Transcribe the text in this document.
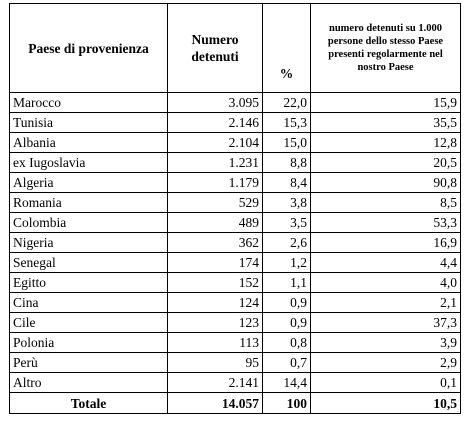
Paese di provenienza	Numero detenuti	%	numero detenuti su 1.000 persone dello stesso Paese presenti regolarmente nel nostro Paese
Marocco	3.095	22,0	15,9
Tunisia	2.146	15,3	35,5
Albania	2.104	15,0	12,8
ex Iugoslavia	1.231	8,8	20,5
Algeria	1.179	8,4	90,8
Romania	529	3,8	8,5
Colombia	489	3,5	53,3
Nigeria	362	2,6	16,9
Senegal	174	1,2	4,4
Egitto	152	1,1	4,0
Cina	124	0,9	2,1
Cile	123	0,9	37,3
Polonia	113	0,8	3,9
Perù	95	0,7	2,9
Altro	2.141	14,4	0,1
Totale	14.057	100	10,5
